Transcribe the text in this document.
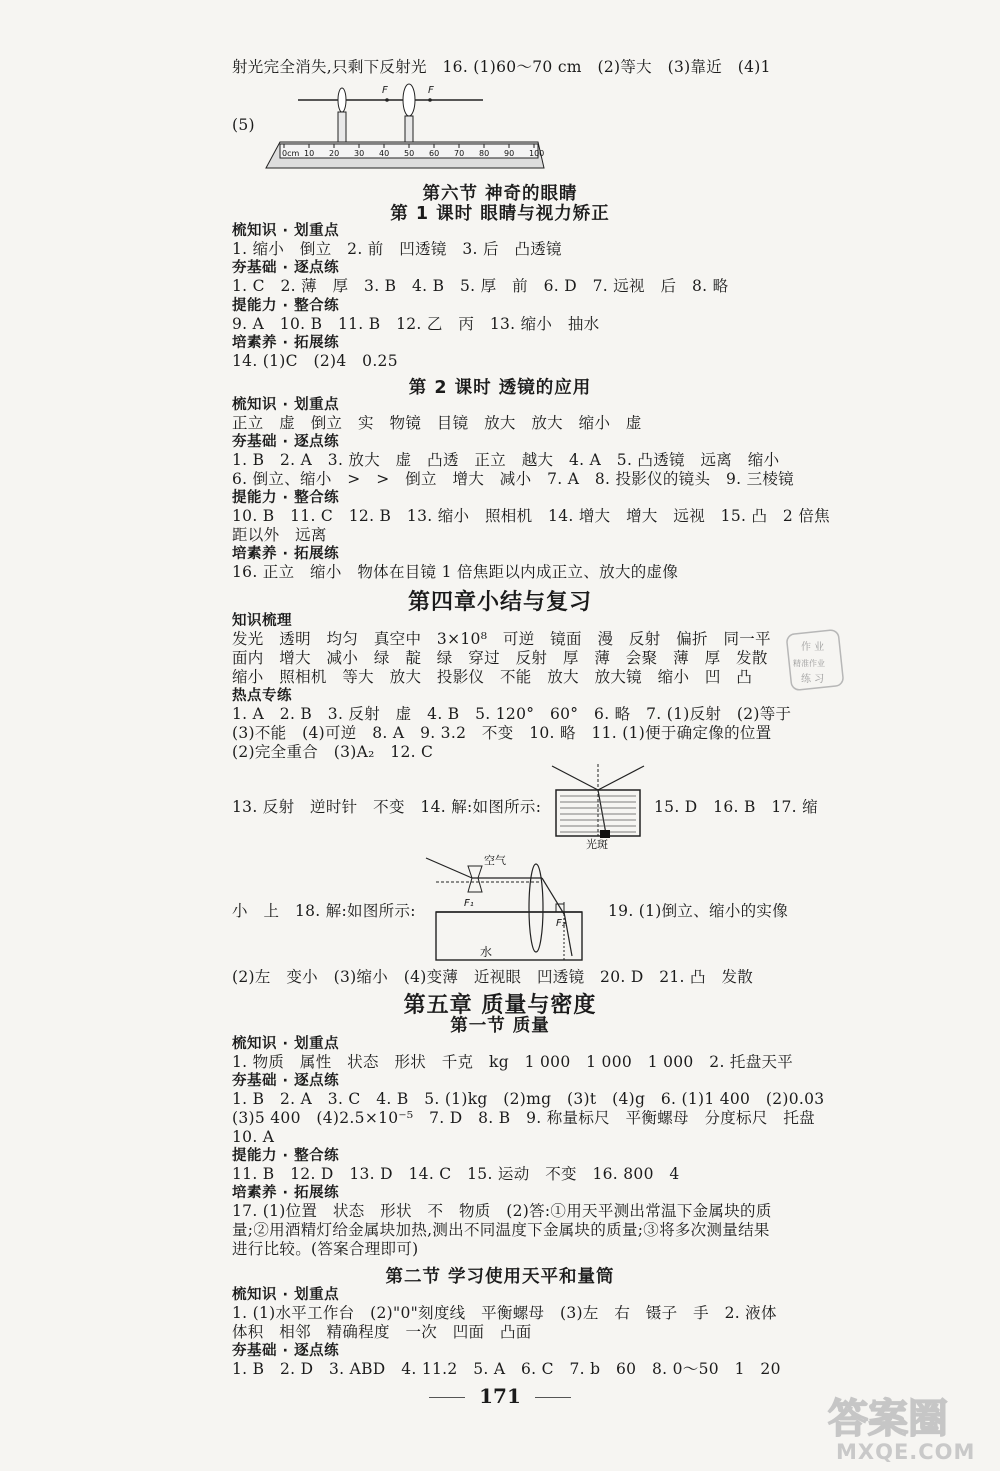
射光完全消失,只剩下反射光   16. (1)60～70 cm   (2)等大   (3)靠近   (4)1
(5)
F	F
0cm 10 20 30 40 50 60 70 80 90 100
第六节 神奇的眼睛
第 1 课时 眼睛与视力矫正
梳知识 · 划重点
1. 缩小   倒立   2. 前   凹透镜   3. 后   凸透镜
夯基础 · 逐点练
1. C   2. 薄   厚   3. B   4. B   5. 厚   前   6. D   7. 远视   后   8. 略
提能力 · 整合练
9. A   10. B   11. B   12. 乙   丙   13. 缩小   抽水
培素养 · 拓展练
14. (1)C   (2)4   0.25
第 2 课时 透镜的应用
梳知识 · 划重点
正立   虚   倒立   实   物镜   目镜   放大   放大   缩小   虚
夯基础 · 逐点练
1. B   2. A   3. 放大   虚   凸透   正立   越大   4. A   5. 凸透镜   远离   缩小
6. 倒立、缩小   >   >   倒立   增大   减小   7. A   8. 投影仪的镜头   9. 三棱镜
提能力 · 整合练
10. B   11. C   12. B   13. 缩小   照相机   14. 增大   增大   远视   15. 凸   2 倍焦
距以外   远离
培素养 · 拓展练
16. 正立   缩小   物体在目镜 1 倍焦距以内成正立、放大的虚像
第四章小结与复习
知识梳理
发光   透明   均匀   真空中   3×10⁸   可逆   镜面   漫   反射   偏折   同一平
面内   增大   减小   绿   靛   绿   穿过   反射   厚   薄   会聚   薄   厚   发散
缩小   照相机   等大   放大   投影仪   不能   放大   放大镜   缩小   凹   凸
作 业
精准作业
练 习
热点专练
1. A   2. B   3. 反射   虚   4. B   5. 120°   60°   6. 略   7. (1)反射   (2)等于
(3)不能   (4)可逆   8. A   9. 3.2   不变   10. 略   11. (1)便于确定像的位置
(2)完全重合   (3)A₂   12. C
光斑
13. 反射   逆时针   不变   14. 解:如图所示:	15. D   16. B   17. 缩
空气
F₁
F₂
水
小   上   18. 解:如图所示:	19. (1)倒立、缩小的实像
(2)左   变小   (3)缩小   (4)变薄   近视眼   凹透镜   20. D   21. 凸   发散
第五章 质量与密度
第一节 质量
梳知识 · 划重点
1. 物质   属性   状态   形状   千克   kg   1 000   1 000   1 000   2. 托盘天平
夯基础 · 逐点练
1. B   2. A   3. C   4. B   5. (1)kg   (2)mg   (3)t   (4)g   6. (1)1 400   (2)0.03
(3)5 400   (4)2.5×10⁻⁵   7. D   8. B   9. 称量标尺   平衡螺母   分度标尺   托盘
10. A
提能力 · 整合练
11. B   12. D   13. D   14. C   15. 运动   不变   16. 800   4
培素养 · 拓展练
17. (1)位置   状态   形状   不   物质   (2)答:①用天平测出常温下金属块的质
量;②用酒精灯给金属块加热,测出不同温度下金属块的质量;③将多次测量结果
进行比较。(答案合理即可)
第二节 学习使用天平和量筒
梳知识 · 划重点
1. (1)水平工作台   (2)"0"刻度线   平衡螺母   (3)左   右   镊子   手   2. 液体
体积   相邻   精确程度   一次   凹面   凸面
夯基础 · 逐点练
1. B   2. D   3. ABD   4. 11.2   5. A   6. C   7. b   60   8. 0～50   1   20
171	答案圈
MXQE.COM
